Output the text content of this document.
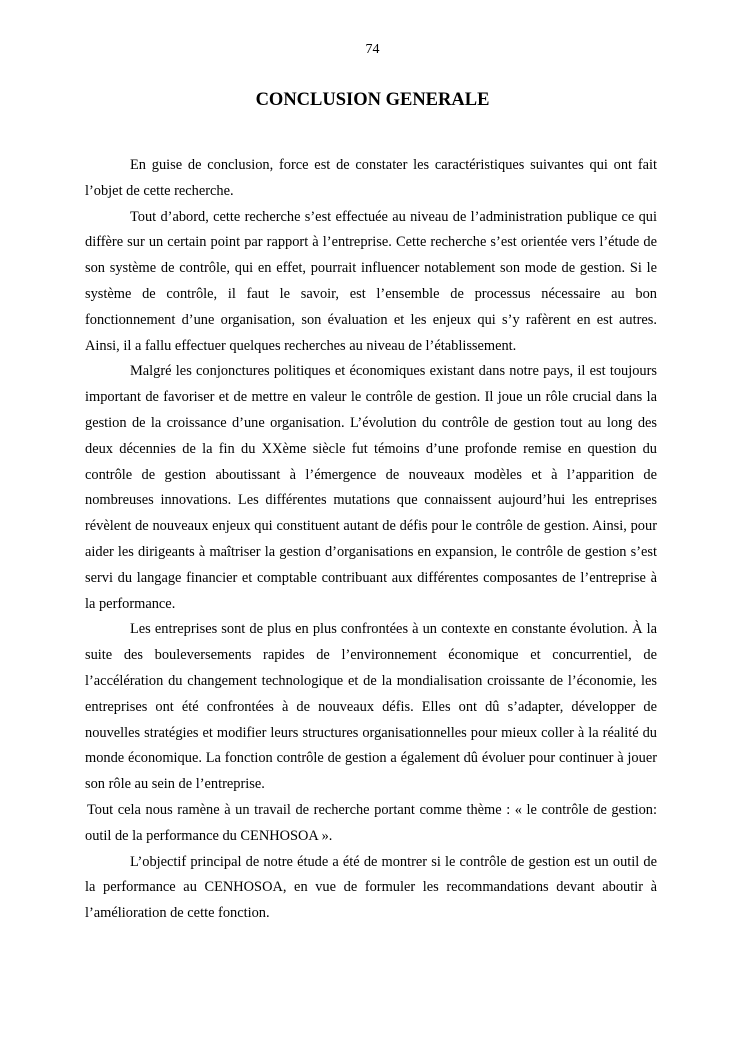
74
CONCLUSION GENERALE

En guise de conclusion, force est de constater les caractéristiques suivantes qui ont fait l’objet de cette recherche.

Tout d’abord, cette recherche s’est effectuée au niveau de l’administration publique ce qui diffère sur un certain point par rapport à l’entreprise. Cette recherche s’est orientée vers l’étude de son système de contrôle, qui en effet, pourrait influencer notablement son mode de gestion. Si le système de contrôle, il faut le savoir, est l’ensemble de processus nécessaire au bon fonctionnement d’une organisation, son évaluation et les enjeux qui s’y rafèrent en est autres. Ainsi, il a fallu effectuer quelques recherches au niveau de l’établissement.

Malgré les conjonctures politiques et économiques existant dans notre pays, il est toujours important de favoriser et de mettre en valeur le contrôle de gestion. Il joue un rôle crucial dans la gestion de la croissance d’une organisation. L’évolution du contrôle de gestion tout au long des deux décennies de la fin du XXème siècle fut témoins d’une profonde remise en question du contrôle de gestion aboutissant à l’émergence de nouveaux modèles et à l’apparition de nombreuses innovations. Les différentes mutations que connaissent aujourd’hui les entreprises révèlent de nouveaux enjeux qui constituent autant de défis pour le contrôle de gestion. Ainsi, pour aider les dirigeants à maîtriser la gestion d’organisations en expansion, le contrôle de gestion s’est servi du langage financier et comptable contribuant aux différentes composantes de l’entreprise à la performance.

Les entreprises sont de plus en plus confrontées à un contexte en constante évolution. À la suite des bouleversements rapides de l’environnement économique et concurrentiel, de l’accélération du changement technologique et de la mondialisation croissante de l’économie, les entreprises ont été confrontées à de nouveaux défis. Elles ont dû s’adapter, développer de nouvelles stratégies et modifier leurs structures organisationnelles pour mieux coller à la réalité du monde économique. La fonction contrôle de gestion a également dû évoluer pour continuer à jouer son rôle au sein de l’entreprise.

Tout cela nous ramène à un travail de recherche portant comme thème : « le contrôle de gestion: outil de la performance du CENHOSOA ».

L’objectif principal de notre étude a été de montrer si le contrôle de gestion est un outil de la performance au CENHOSOA, en vue de formuler les recommandations devant aboutir à l’amélioration de cette fonction.
